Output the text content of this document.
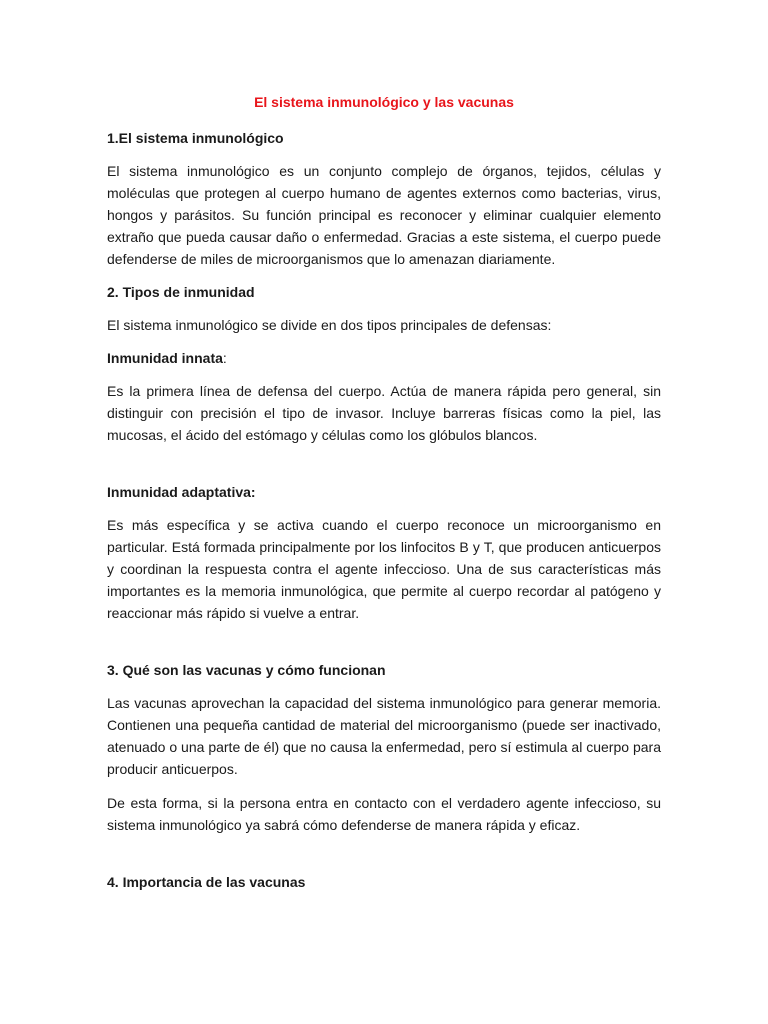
El sistema inmunológico y las vacunas
1.El sistema inmunológico

El sistema inmunológico es un conjunto complejo de órganos, tejidos, células y moléculas que protegen al cuerpo humano de agentes externos como bacterias, virus, hongos y parásitos. Su función principal es reconocer y eliminar cualquier elemento extraño que pueda causar daño o enfermedad. Gracias a este sistema, el cuerpo puede defenderse de miles de microorganismos que lo amenazan diariamente.

2. Tipos de inmunidad

El sistema inmunológico se divide en dos tipos principales de defensas:

Inmunidad innata:

Es la primera línea de defensa del cuerpo. Actúa de manera rápida pero general, sin distinguir con precisión el tipo de invasor. Incluye barreras físicas como la piel, las mucosas, el ácido del estómago y células como los glóbulos blancos.

Inmunidad adaptativa:

Es más específica y se activa cuando el cuerpo reconoce un microorganismo en particular. Está formada principalmente por los linfocitos B y T, que producen anticuerpos y coordinan la respuesta contra el agente infeccioso. Una de sus características más importantes es la memoria inmunológica, que permite al cuerpo recordar al patógeno y reaccionar más rápido si vuelve a entrar.

3. Qué son las vacunas y cómo funcionan

Las vacunas aprovechan la capacidad del sistema inmunológico para generar memoria. Contienen una pequeña cantidad de material del microorganismo (puede ser inactivado, atenuado o una parte de él) que no causa la enfermedad, pero sí estimula al cuerpo para producir anticuerpos.

De esta forma, si la persona entra en contacto con el verdadero agente infeccioso, su sistema inmunológico ya sabrá cómo defenderse de manera rápida y eficaz.

4. Importancia de las vacunas
